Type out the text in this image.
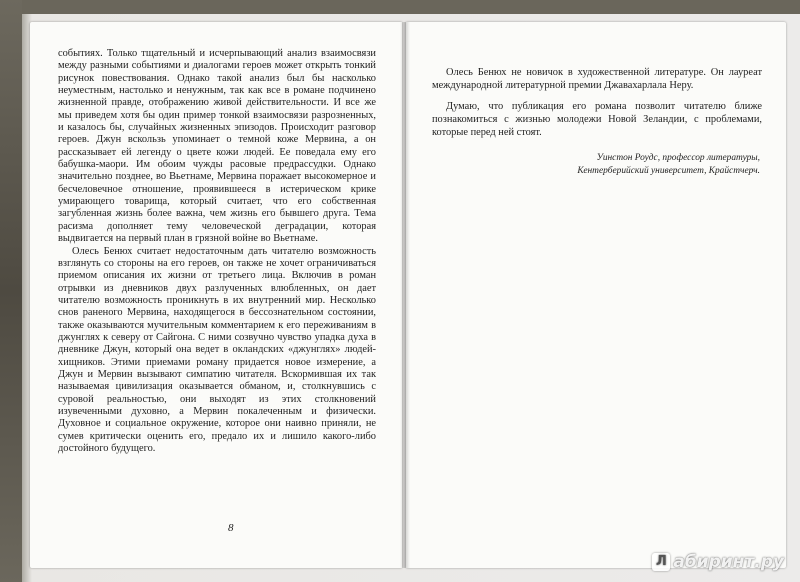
событиях. Только тщательный и исчерпывающий анализ взаимосвязи между разными событиями и диалогами героев может открыть тонкий рисунок повествования. Однако такой анализ был бы насколько неуместным, настолько и ненужным, так как все в романе подчинено жизненной правде, отображению живой действительности. И все же мы приведем хотя бы один пример тонкой взаимосвязи разрозненных, и казалось бы, случайных жизненных эпизодов. Происходит разговор героев. Джун вскользь упоминает о темной коже Мервина, а он рассказывает ей легенду о цвете кожи людей. Ее поведала ему его бабушка-маори. Им обоим чужды расовые предрассудки. Однако значительно позднее, во Вьетнаме, Мервина поражает высокомерное и бесчеловечное отношение, проявившееся в истерическом крике умирающего товарища, который считает, что его собственная загубленная жизнь более важна, чем жизнь его бывшего друга. Тема расизма дополняет тему человеческой деградации, которая выдвигается на первый план в грязной войне во Вьетнаме.

Олесь Бенюх считает недостаточным дать читателю возможность взглянуть со стороны на его героев, он также не хочет ограничиваться приемом описания их жизни от третьего лица. Включив в роман отрывки из дневников двух разлученных влюбленных, он дает читателю возможность проникнуть в их внутренний мир. Несколько снов раненого Мервина, находящегося в бессознательном состоянии, также оказываются мучительным комментарием к его переживаниям в джунглях к северу от Сайгона. С ними созвучно чувство упадка духа в дневнике Джун, который она ведет в окландских «джунглях» людей-хищников. Этими приемами роману придается новое измерение, а Джун и Мервин вызывают симпатию читателя. Вскормившая их так называемая цивилизация оказывается обманом, и, столкнувшись с суровой реальностью, они выходят из этих столкновений изувеченными духовно, а Мервин покалеченным и физически. Духовное и социальное окружение, которое они наивно приняли, не сумев критически оценить его, предало их и лишило какого-либо достойного будущего.

8

Олесь Бенюх не новичок в художественной литературе. Он лауреат международной литературной премии Джавахарлала Неру.

Думаю, что публикация его романа позволит читателю ближе познакомиться с жизнью молодежи Новой Зеландии, с проблемами, которые перед ней стоят.

Уинстон Роудс, профессор литературы,
Кентерберийский университет, Крайстчерч.
Л абиринт.ру
